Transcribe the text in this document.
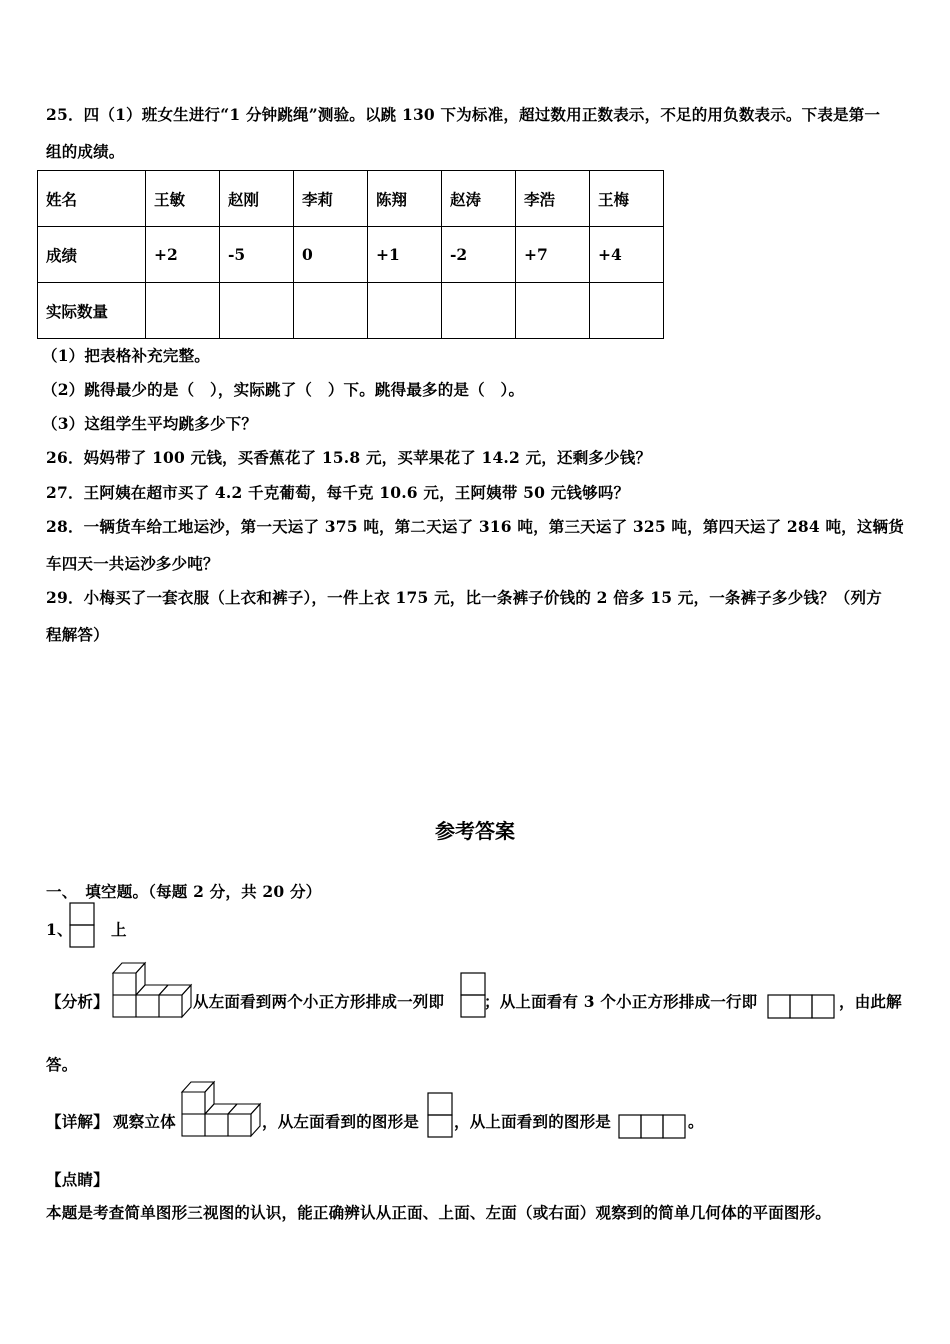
25．四（1）班女生进行“1 分钟跳绳”测验。以跳 130 下为标准，超过数用正数表示，不足的用负数表示。下表是第一
组的成绩。
姓名	王敏	赵刚	李莉	陈翔	赵涛	李浩	王梅
成绩	+2	-5	0	+1	-2	+7	+4
实际数量							
（1）把表格补充完整。
（2）跳得最少的是（　），实际跳了（　）下。跳得最多的是（　）。
（3）这组学生平均跳多少下？
26．妈妈带了 100 元钱，买香蕉花了 15.8 元，买苹果花了 14.2 元，还剩多少钱？
27．王阿姨在超市买了 4.2 千克葡萄，每千克 10.6 元，王阿姨带 50 元钱够吗？
28．一辆货车给工地运沙，第一天运了 375 吨，第二天运了 316 吨，第三天运了 325 吨，第四天运了 284 吨，这辆货
车四天一共运沙多少吨？
29．小梅买了一套衣服（上衣和裤子），一件上衣 175 元，比一条裤子价钱的 2 倍多 15 元，一条裤子多少钱？（列方
程解答）
参考答案
一、　填空题。（每题 2 分，共 20 分）
1、 上
【分析】	从左面看到两个小正方形排成一列即	；从上面看有 3 个小正方形排成一行即	，由此解
答。
【详解】 观察立体	，从左面看到的图形是 ，从上面看到的图形是	。
【点睛】
本题是考查简单图形三视图的认识，能正确辨认从正面、上面、左面（或右面）观察到的简单几何体的平面图形。
